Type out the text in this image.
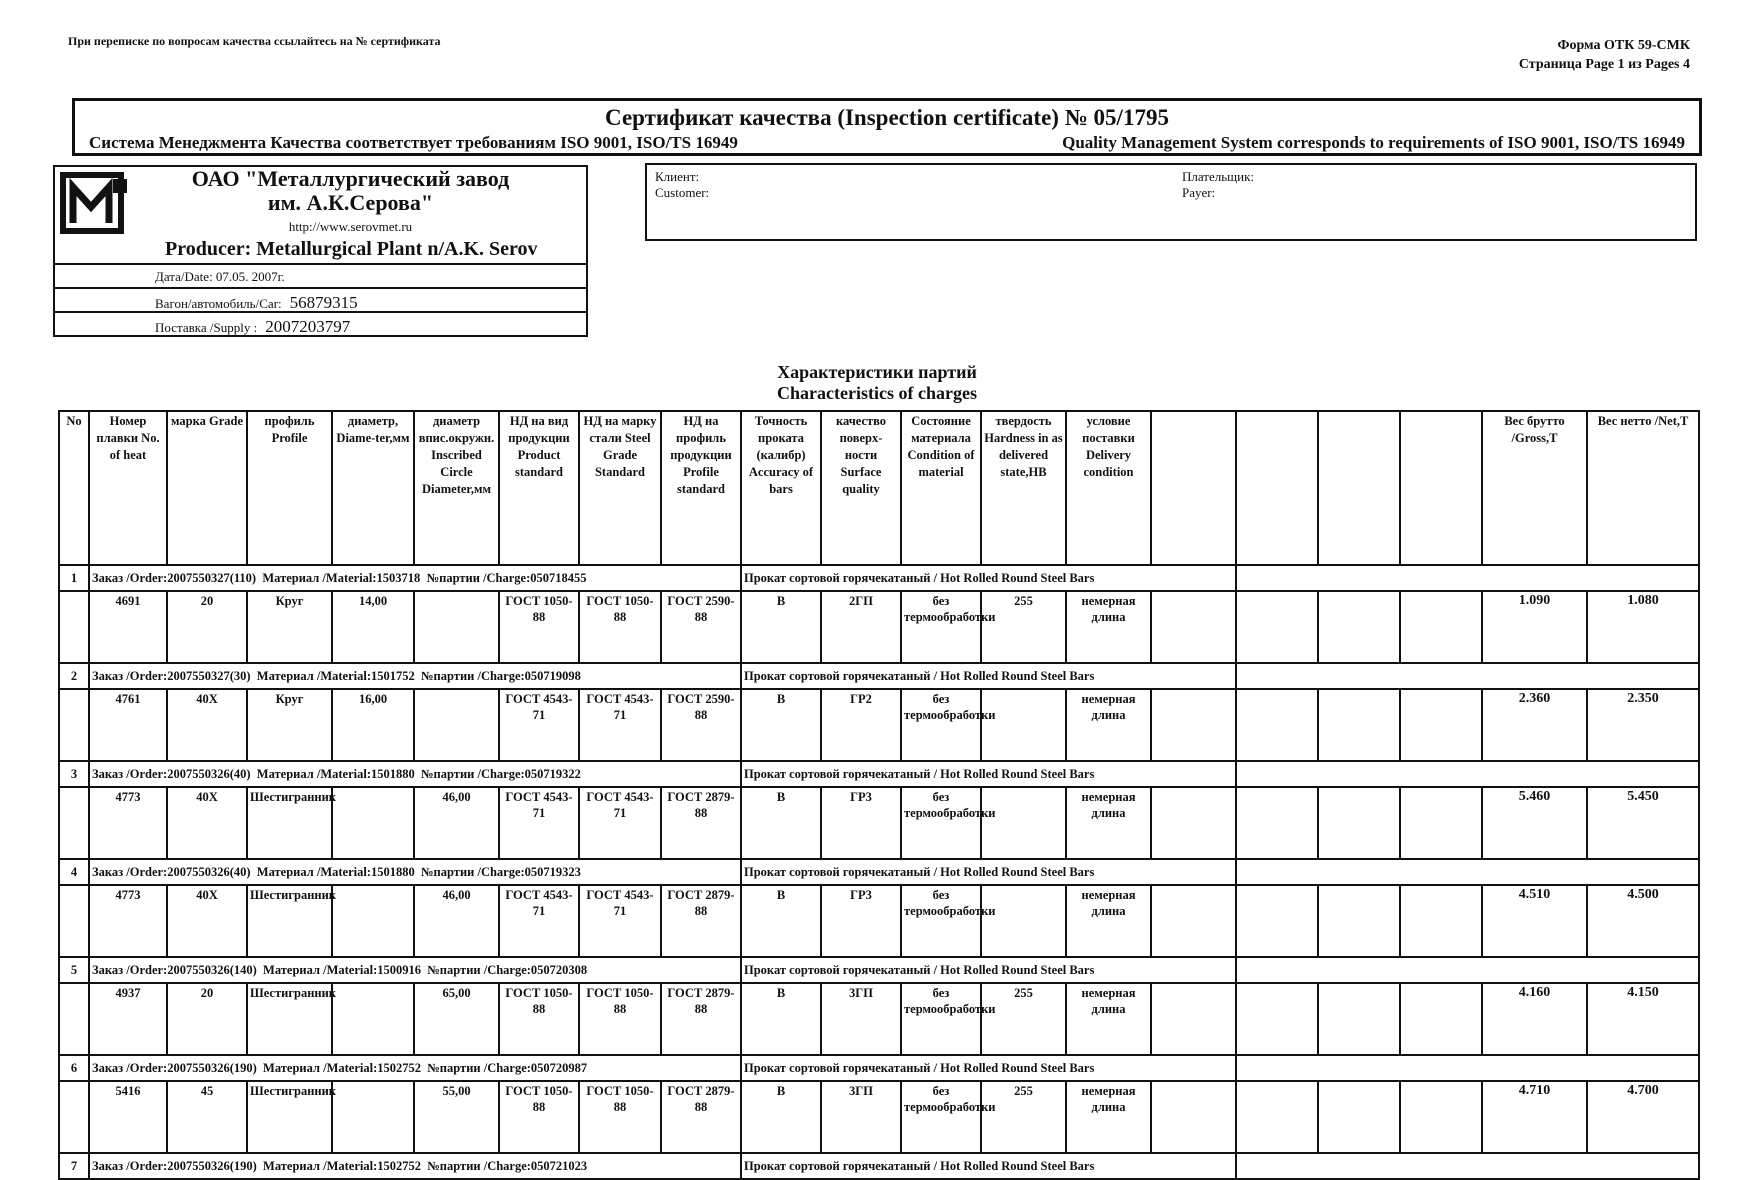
При переписке по вопросам качества ссылайтесь на № сертификата	Форма ОТК 59-СМК
Страница Page 1 из Pages 4
Сертификат качества (Inspection certificate) № 05/1795
Система Менеджмента Качества соответствует требованиям ISO 9001, ISO/TS 16949	Quality Management System corresponds to requirements of ISO 9001, ISO/TS 16949
ОАО "Металлургический завод
им. А.К.Серова"
http://www.serovmet.ru
Producer: Metallurgical Plant n/A.K. Serov
Дата/Date: 07.05. 2007г.
Вагон/автомобиль/Car: 56879315
Поставка /Supply : 2007203797
Клиент:
Customer:
Плательщик:
Payer:
Характеристики партий
Characteristics of charges
No	Номер плавки No. of heat	марка Grade	профиль Profile	диаметр, Diame-ter,мм	диаметр впис.окружн. Inscribed Circle Diameter,мм	НД на вид продукции Product standard	НД на марку стали Steel Grade Standard	НД на профиль продукции Profile standard	Точность проката (калибр) Accuracy of bars	качество поверх-ности Surface quality	Состояние материала Condition of material	твердость Hardness in as delivered state,HB	условие поставки Delivery condition					Вес брутто /Gross,T	Вес нетто /Net,T
1	Заказ /Order:2007550327(110) Материал /Material:1503718 №партии /Charge:050718455								Прокат сортовой горячекатаный / Hot Rolled Round Steel Bars										
	4691	20	Круг	14,00		ГОСТ 1050-88	ГОСТ 1050-88	ГОСТ 2590-88	В	2ГП	без термообработки	255	немерная длина					1.090	1.080
2	Заказ /Order:2007550327(30) Материал /Material:1501752 №партии /Charge:050719098								Прокат сортовой горячекатаный / Hot Rolled Round Steel Bars										
	4761	40Х	Круг	16,00		ГОСТ 4543-71	ГОСТ 4543-71	ГОСТ 2590-88	В	ГР2	без термообработки		немерная длина					2.360	2.350
3	Заказ /Order:2007550326(40) Материал /Material:1501880 №партии /Charge:050719322								Прокат сортовой горячекатаный / Hot Rolled Round Steel Bars										
	4773	40Х	Шестигранник		46,00	ГОСТ 4543-71	ГОСТ 4543-71	ГОСТ 2879-88	В	ГР3	без термообработки		немерная длина					5.460	5.450
4	Заказ /Order:2007550326(40) Материал /Material:1501880 №партии /Charge:050719323								Прокат сортовой горячекатаный / Hot Rolled Round Steel Bars										
	4773	40Х	Шестигранник		46,00	ГОСТ 4543-71	ГОСТ 4543-71	ГОСТ 2879-88	В	ГР3	без термообработки		немерная длина					4.510	4.500
5	Заказ /Order:2007550326(140) Материал /Material:1500916 №партии /Charge:050720308								Прокат сортовой горячекатаный / Hot Rolled Round Steel Bars										
	4937	20	Шестигранник		65,00	ГОСТ 1050-88	ГОСТ 1050-88	ГОСТ 2879-88	В	3ГП	без термообработки	255	немерная длина					4.160	4.150
6	Заказ /Order:2007550326(190) Материал /Material:1502752 №партии /Charge:050720987								Прокат сортовой горячекатаный / Hot Rolled Round Steel Bars										
	5416	45	Шестигранник		55,00	ГОСТ 1050-88	ГОСТ 1050-88	ГОСТ 2879-88	В	3ГП	без термообработки	255	немерная длина					4.710	4.700
7	Заказ /Order:2007550326(190) Материал /Material:1502752 №партии /Charge:050721023								Прокат сортовой горячекатаный / Hot Rolled Round Steel Bars										
